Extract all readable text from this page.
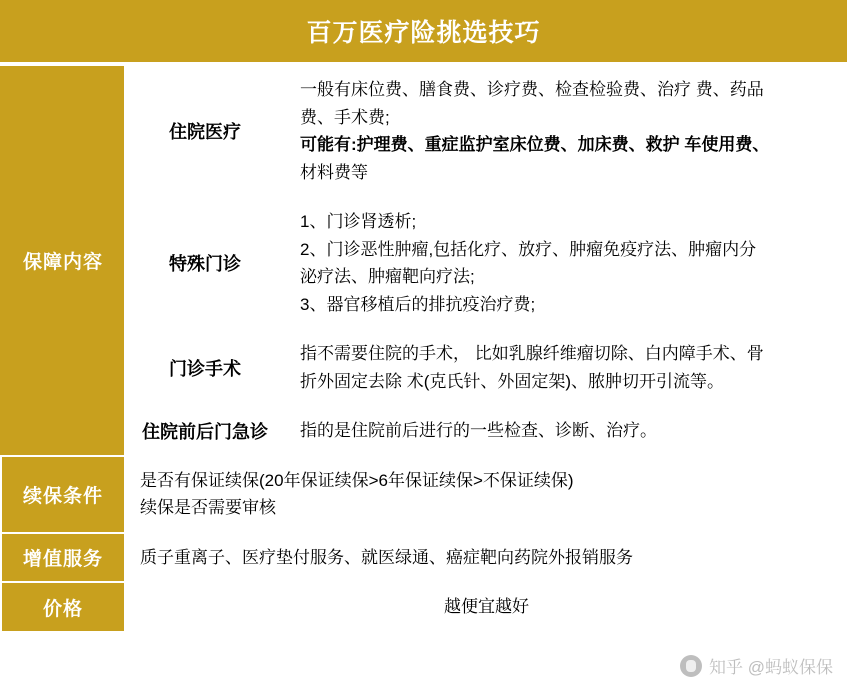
百万医疗险挑选技巧
保障内容	住院医疗	一般有床位费、膳食费、诊疗费、检查检验费、治疗 费、药品
费、手术费;
可能有:护理费、重症监护室床位费、加床费、救护 车使用费、
材料费等

	特殊门诊	1、门诊肾透析;
2、门诊恶性肿瘤,包括化疗、放疗、肿瘤免疫疗法、肿瘤内分
泌疗法、肿瘤靶向疗法;
3、器官移植后的排抗疫治疗费;

	门诊手术	指不需要住院的手术， 比如乳腺纤维瘤切除、白内障手术、骨
折外固定去除 术(克氏针、外固定架)、脓肿切开引流等。

	住院前后门急诊	指的是住院前后进行的一些检查、诊断、治疗。

续保条件	是否有保证续保(20年保证续保>6年保证续保>不保证续保)
续保是否需要审核	

增值服务	质子重离子、医疗垫付服务、就医绿通、癌症靶向药院外报销服务	

价格	越便宜越好	
知乎 @蚂蚁保保
